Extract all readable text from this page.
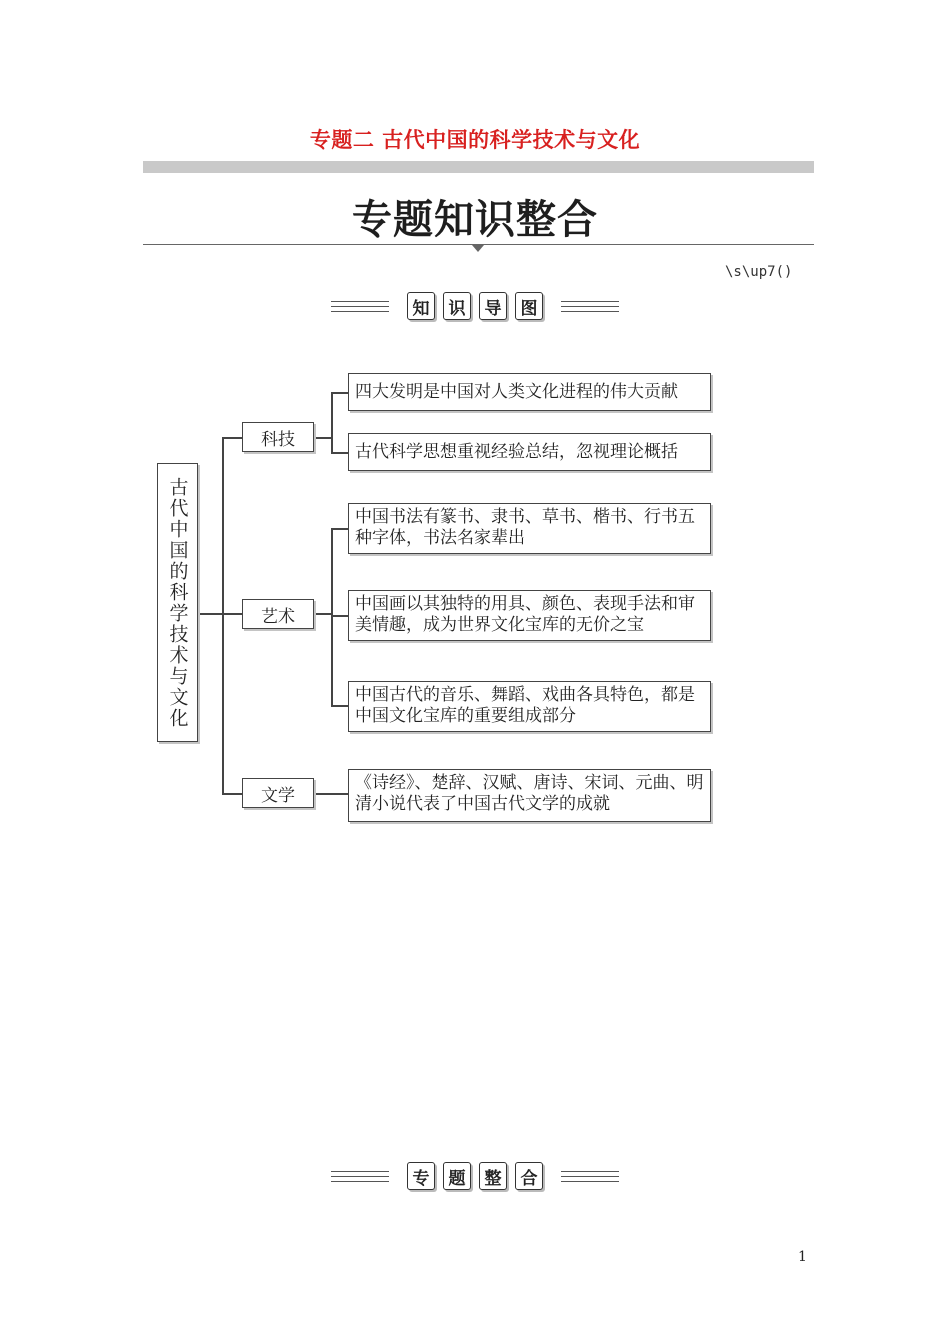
专题二 古代中国的科学技术与文化
专题知识整合
\s\up7()
知	识	导	图
古代中国的科学技术与文化
科技
艺术
文学
四大发明是中国对人类文化进程的伟大贡献
古代科学思想重视经验总结，忽视理论概括
中国书法有篆书、隶书、草书、楷书、行书五种字体，书法名家辈出
中国画以其独特的用具、颜色、表现手法和审美情趣，成为世界文化宝库的无价之宝
中国古代的音乐、舞蹈、戏曲各具特色，都是中国文化宝库的重要组成部分
《诗经》、楚辞、汉赋、唐诗、宋词、元曲、明清小说代表了中国古代文学的成就
专	题	整	合
1
